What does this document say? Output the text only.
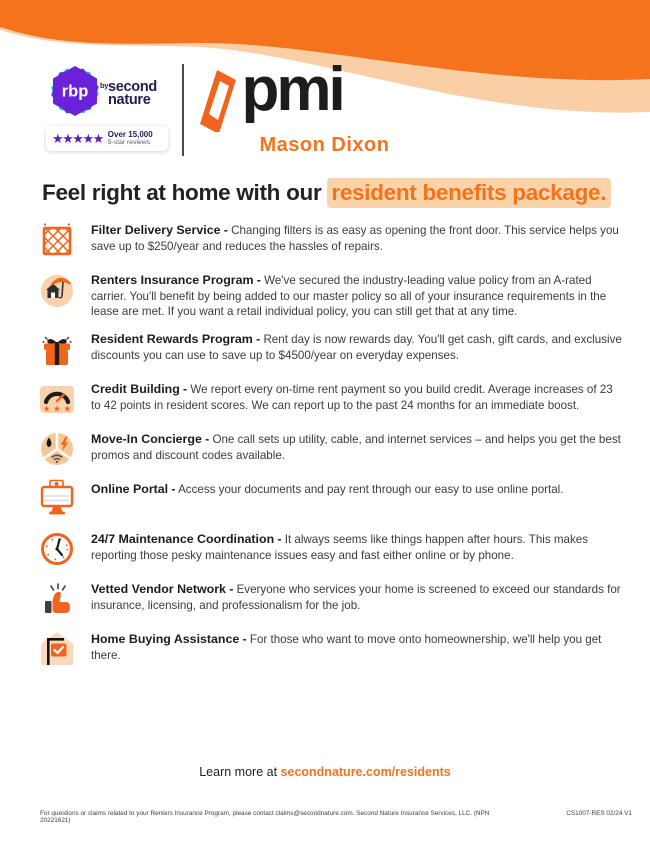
rbp by second
nature
★★★★★ Over 15,000
5-star reviews
pmi
Mason Dixon
Feel right at home with our resident benefits package.

Filter Delivery Service - Changing filters is as easy as opening the front door. This service helps you save up to $250/year and reduces the hassles of repairs.

Renters Insurance Program - We've secured the industry-leading value policy from an A-rated carrier. You'll benefit by being added to our master policy so all of your insurance requirements in the lease are met. If you want a retail individual policy, you can still get that at any time.

Resident Rewards Program - Rent day is now rewards day. You'll get cash, gift cards, and exclusive discounts you can use to save up to $4500/year on everyday expenses.

★ ★ ★

Credit Building - We report every on-time rent payment so you build credit. Average increases of 23 to 42 points in resident scores. We can report up to the past 24 months for an immediate boost.

Move-In Concierge - One call sets up utility, cable, and internet services – and helps you get the best promos and discount codes available.

Online Portal - Access your documents and pay rent through our easy to use online portal.

24/7 Maintenance Coordination - It always seems like things happen after hours. This makes reporting those pesky maintenance issues easy and fast either online or by phone.

Vetted Vendor Network - Everyone who services your home is screened to exceed our standards for insurance, licensing, and professionalism for the job.

Home Buying Assistance - For those who want to move onto homeownership, we'll help you get there.

Learn more at secondnature.com/residents

For questions or claims related to your Renters Insurance Program, please contact claims@secondnature.com. Second Nature Insurance Services, LLC. (NPN 20221621)
CS1007-RES 02/24 V1
